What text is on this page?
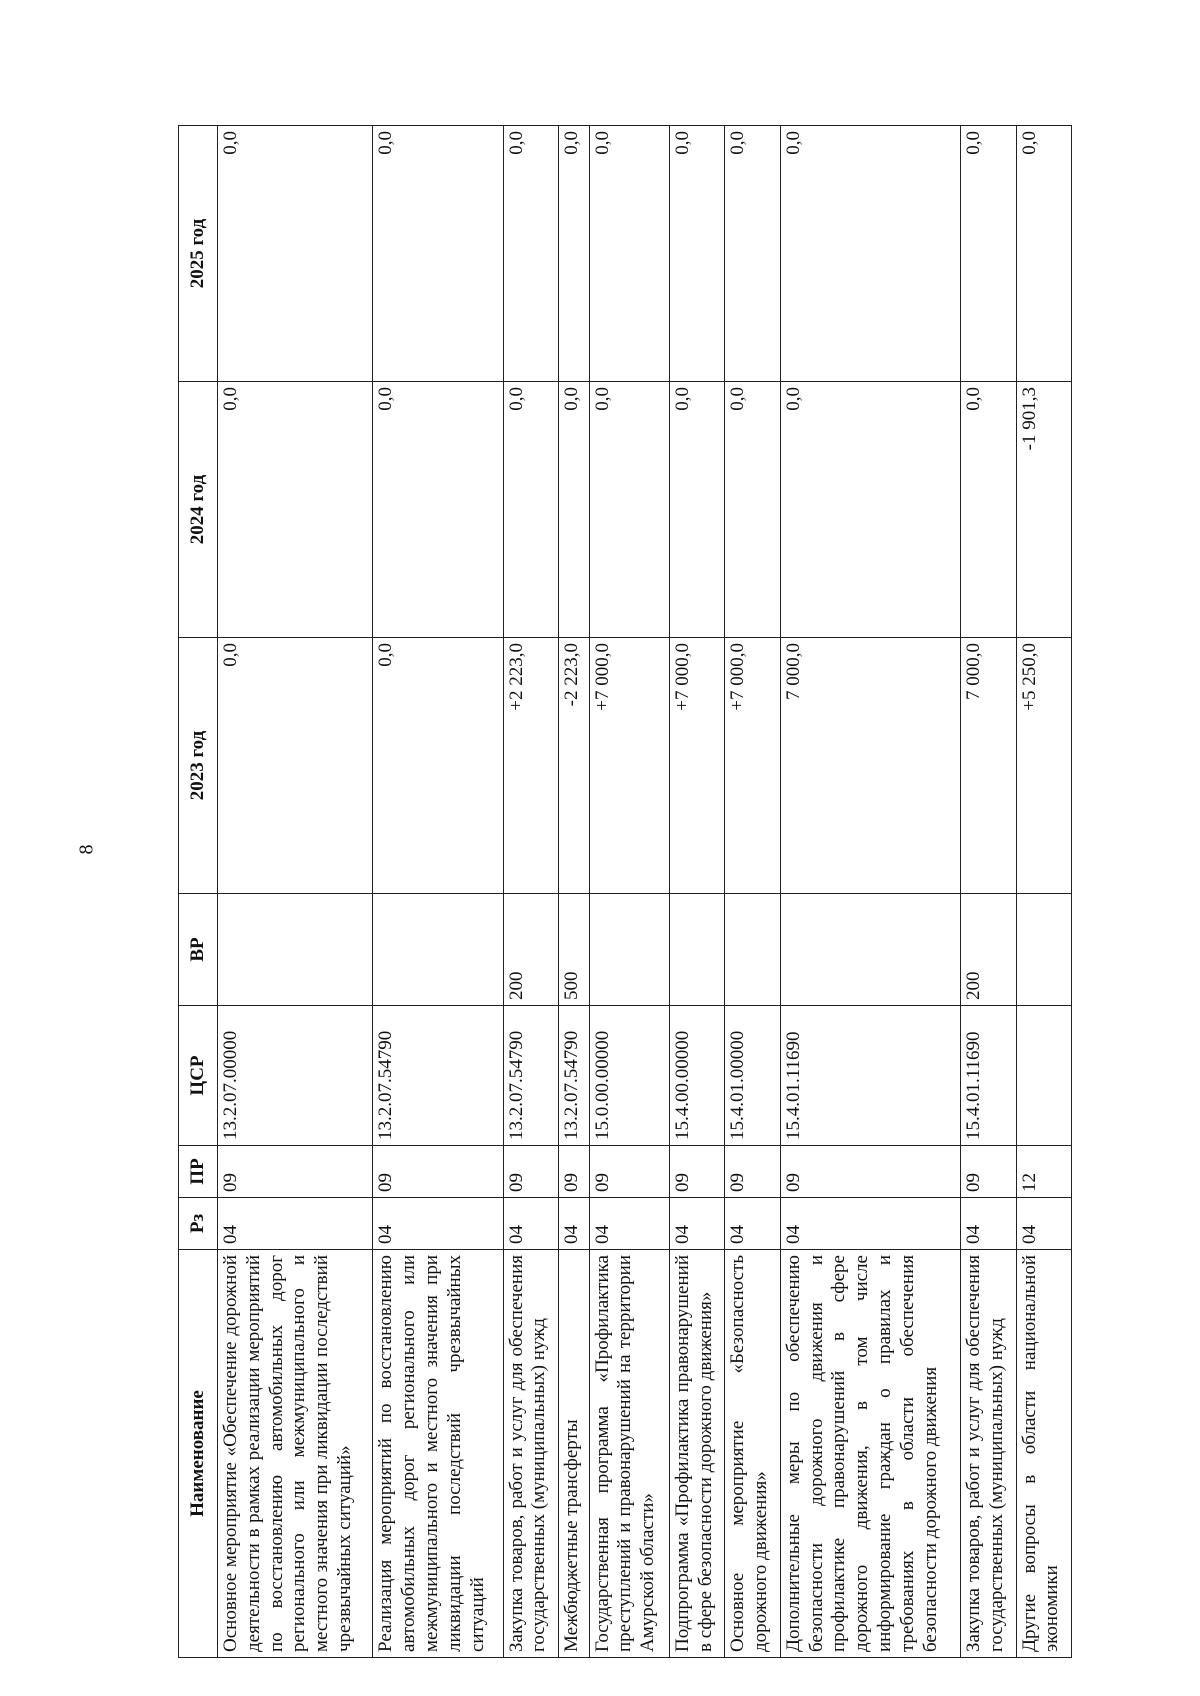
8
Наименование	Рз	ПР	ЦСР	ВР	2023 год	2024 год	2025 год
Основное мероприятие «Обеспечение дорожной деятельности в рамках реализации мероприятий по восстановлению автомобильных дорог регионального или межмуниципального и местного значения при ликвидации последствий чрезвычайных ситуаций»	04	09	13.2.07.00000		0,0	0,0	0,0
Реализация мероприятий по восстановлению автомобильных дорог регионального или межмуниципального и местного значения при ликвидации последствий чрезвычайных ситуаций	04	09	13.2.07.54790		0,0	0,0	0,0
Закупка товаров, работ и услуг для обеспечения государственных (муниципальных) нужд	04	09	13.2.07.54790	200	+2 223,0	0,0	0,0
Межбюджетные трансферты	04	09	13.2.07.54790	500	-2 223,0	0,0	0,0
Государственная программа «Профилактика преступлений и правонарушений на территории Амурской области»	04	09	15.0.00.00000		+7 000,0	0,0	0,0
Подпрограмма «Профилактика правонарушений в сфере безопасности дорожного движения»	04	09	15.4.00.00000		+7 000,0	0,0	0,0
Основное мероприятие «Безопасность дорожного движения»	04	09	15.4.01.00000		+7 000,0	0,0	0,0
Дополнительные меры по обеспечению безопасности дорожного движения и профилактике правонарушений в сфере дорожного движения, в том числе информирование граждан о правилах и требованиях в области обеспечения безопасности дорожного движения	04	09	15.4.01.11690		7 000,0	0,0	0,0
Закупка товаров, работ и услуг для обеспечения государственных (муниципальных) нужд	04	09	15.4.01.11690	200	7 000,0	0,0	0,0
Другие вопросы в области национальной экономики	04	12			+5 250,0	-1 901,3	0,0
